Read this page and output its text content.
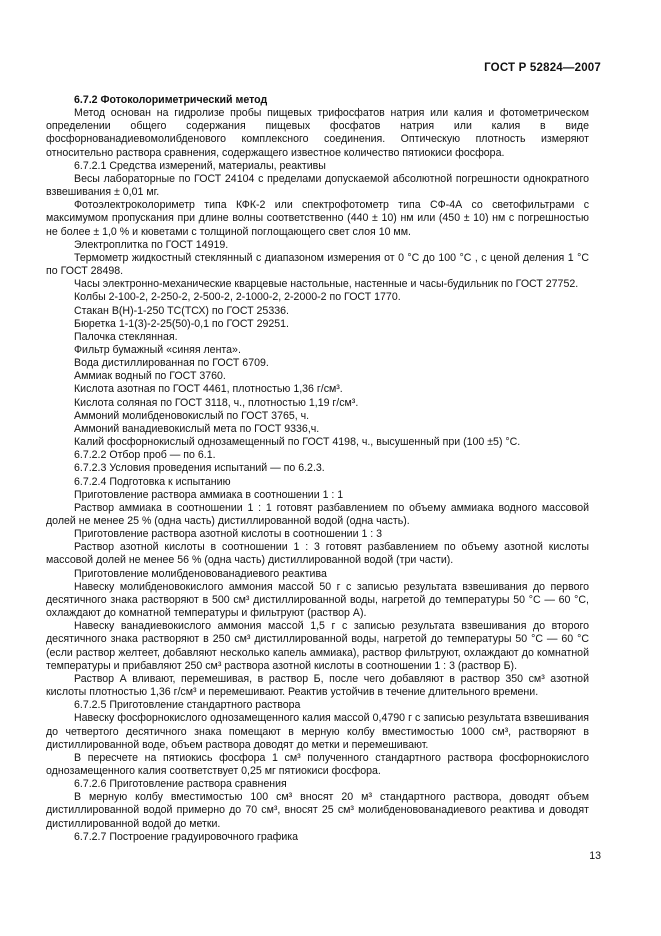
ГОСТ Р 52824—2007

6.7.2 Фотоколориметрический метод

Метод основан на гидролизе пробы пищевых трифосфатов натрия или калия и фотометрическом определении общего содержания пищевых фосфатов натрия или калия в виде фосфорнованадиевомолибденового комплексного соединения. Оптическую плотность измеряют относительно раствора сравнения, содержащего известное количество пятиокиси фосфора.

6.7.2.1 Средства измерений, материалы, реактивы

Весы лабораторные по ГОСТ 24104 с пределами допускаемой абсолютной погрешности однократного взвешивания ± 0,01 мг.

Фотоэлектроколориметр типа КФК-2 или спектрофотометр типа СФ-4А со светофильтрами с максимумом пропускания при длине волны соответственно (440 ± 10) нм или (450 ± 10) нм с погрешностью не более ± 1,0 % и кюветами с толщиной поглощающего свет слоя 10 мм.

Электроплитка по ГОСТ 14919.

Термометр жидкостный стеклянный с диапазоном измерения от 0 °С до 100 °С , с ценой деления 1 °С по ГОСТ 28498.

Часы электронно-механические кварцевые настольные, настенные и часы-будильник по ГОСТ 27752.

Колбы 2-100-2, 2-250-2, 2-500-2, 2-1000-2, 2-2000-2 по ГОСТ 1770.

Стакан В(Н)-1-250 ТС(ТСХ) по ГОСТ 25336.

Бюретка 1-1(3)-2-25(50)-0,1 по ГОСТ 29251.

Палочка стеклянная.

Фильтр бумажный «синяя лента».

Вода дистиллированная по ГОСТ 6709.

Аммиак водный по ГОСТ 3760.

Кислота азотная по ГОСТ 4461, плотностью 1,36 г/см³.

Кислота соляная по ГОСТ 3118, ч., плотностью 1,19 г/см³.

Аммоний молибденовокислый по ГОСТ 3765, ч.

Аммоний ванадиевокислый мета по ГОСТ 9336,ч.

Калий фосфорнокислый однозамещенный по ГОСТ 4198, ч., высушенный при (100 ±5) °С.

6.7.2.2 Отбор проб — по 6.1.

6.7.2.3 Условия проведения испытаний — по 6.2.3.

6.7.2.4 Подготовка к испытанию

Приготовление раствора аммиака в соотношении 1 : 1

Раствор аммиака в соотношении 1 : 1 готовят разбавлением по объему аммиака водного массовой долей не менее 25 % (одна часть) дистиллированной водой (одна часть).

Приготовление раствора азотной кислоты в соотношении 1 : 3

Раствор азотной кислоты в соотношении 1 : 3 готовят разбавлением по объему азотной кислоты массовой долей не менее 56 % (одна часть) дистиллированной водой (три части).

Приготовление молибденовованадиевого реактива

Навеску молибденовокислого аммония массой 50 г с записью результата взвешивания до первого десятичного знака растворяют в 500 см³ дистиллированной воды, нагретой до температуры 50 °С — 60 °С, охлаждают до комнатной температуры и фильтруют (раствор А).

Навеску ванадиевокислого аммония массой 1,5 г с записью результата взвешивания до второго десятичного знака растворяют в 250 см³ дистиллированной воды, нагретой до температуры 50 °С — 60 °С (если раствор желтеет, добавляют несколько капель аммиака), раствор фильтруют, охлаждают до комнатной температуры и прибавляют 250 см³ раствора азотной кислоты в соотношении 1 : 3 (раствор Б).

Раствор А вливают, перемешивая, в раствор Б, после чего добавляют в раствор 350 см³ азотной кислоты плотностью 1,36 г/см³ и перемешивают. Реактив устойчив в течение длительного времени.

6.7.2.5 Приготовление стандартного раствора

Навеску фосфорнокислого однозамещенного калия массой 0,4790 г с записью результата взвешивания до четвертого десятичного знака помещают в мерную колбу вместимостью 1000 см³, растворяют в дистиллированной воде, объем раствора доводят до метки и перемешивают.

В пересчете на пятиокись фосфора 1 см³ полученного стандартного раствора фосфорнокислого однозамещенного калия соответствует 0,25 мг пятиокиси фосфора.

6.7.2.6 Приготовление раствора сравнения

В мерную колбу вместимостью 100 см³ вносят 20 м³ стандартного раствора, доводят объем дистиллированной водой примерно до 70 см³, вносят 25 см³ молибденовованадиевого реактива и доводят дистиллированной водой до метки.

6.7.2.7 Построение градуировочного графика

13
